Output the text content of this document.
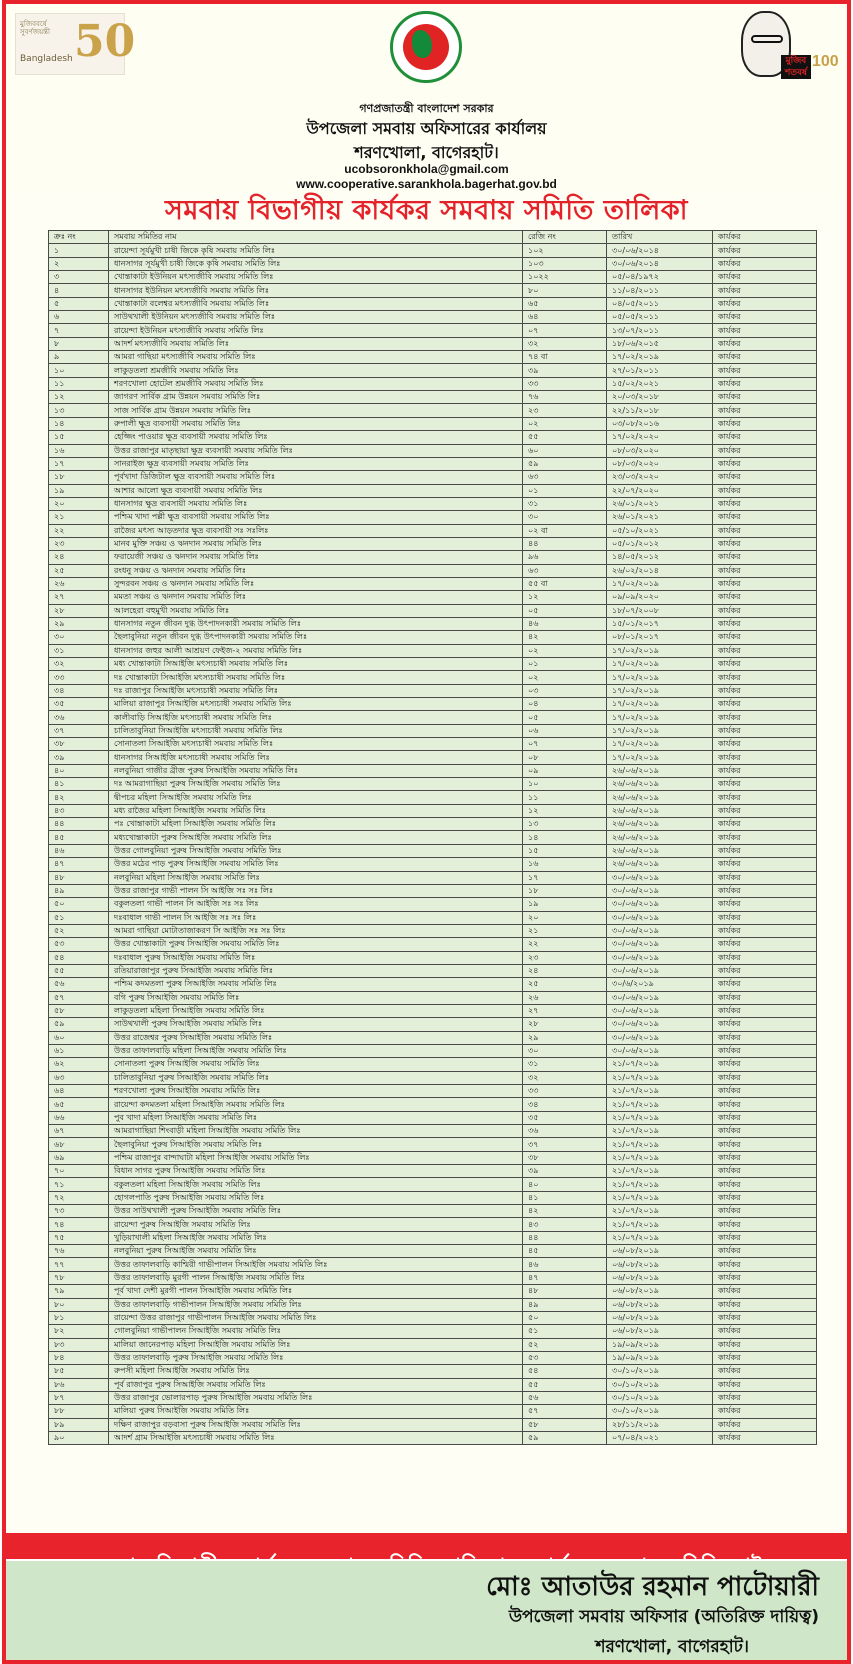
মুজিববর্ষে সুবর্ণজয়ন্তী
Bangladesh 50	মুজিব শতবর্ষ
100
গণপ্রজাতন্ত্রী বাংলাদেশ সরকার
উপজেলা সমবায় অফিসারের কার্যালয়
শরণখোলা, বাগেরহাট।
ucobsoronkhola@gmail.com
www.cooperative.sarankhola.bagerhat.gov.bd
সমবায় বিভাগীয় কার্যকর সমবায় সমিতি তালিকা
ক্রঃ নং	সমবায় সমিতির নাম	রেজি নং	তারিখ	কার্যকর
১	রায়েন্দা সূর্যমুখী চাষী জিকে কৃষি সমবায় সমিতি লিঃ	১০২	৩০/০৬/২০১৪	কার্যকর
২	ধানসাগর সূর্যমুখী চাষী জিকে কৃষি সমবায় সমিতি লিঃ	১০৩	৩০/০৬/২০১৪	কার্যকর
৩	খোন্তাকাটা ইউনিয়ন মৎস্যজীবি সমবায় সমিতি লিঃ	১০২২	০৫/০৪/১৯৭২	কার্যকর
৪	ধানসাগর ইউনিয়ন মৎস্যজীবি সমবায় সমিতি লিঃ	৮০	১১/০৪/২০১১	কার্যকর
৫	খোন্তাকাটা বলেশ্বর মৎস্যজীবি সমবায় সমিতি লিঃ	৬৫	০৪/০৫/২০১১	কার্যকর
৬	সাউথখালী ইউনিয়ন মৎস্যজীবি সমবায় সমিতি লিঃ	৬৪	০৫/০৫/২০১১	কার্যকর
৭	রায়েন্দা ইউনিয়ন মৎস্যজীবি সমবায় সমিতি লিঃ	০৭	১৩/০৭/২০১১	কার্যকর
৮	আদর্শ মৎস্যজীবি সমবায় সমিতি লিঃ	৩২	১৮/০৬/২০১৫	কার্যকর
৯	আমরা গাছিয়া মৎস্যজীবি সমবায় সমিতি লিঃ	৭৪ বা	১৭/০২/২০১৯	কার্যকর
১০	লাকুড়তলা শ্রমজীবি সমবায় সমিতি লিঃ	৩৯	২৭/০১/২০১১	কার্যকর
১১	শরণখোলা হোটেল শ্রমজীবি সমবায় সমিতি লিঃ	৩৩	১৫/০২/২০২১	কার্যকর
১২	জাগরণ সার্বিক গ্রাম উন্নয়ন সমবায় সমিতি লিঃ	৭৬	২০/০৩/২০১৮	কার্যকর
১৩	সাজ সার্বিক গ্রাম উন্নয়ন সমবায় সমিতি লিঃ	২৩	২২/১১/২০১৮	কার্যকর
১৪	রুপালী ক্ষুদ্র ব্যবসায়ী সমবায় সমিতি লিঃ	০২	০৩/০৮/২০১৬	কার্যকর
১৫	হেজ্জিং পাওয়ার ক্ষুদ্র ব্যবসায়ী সমবায় সমিতি লিঃ	৫৫	১৭/০২/২০২০	কার্যকর
১৬	উত্তর রাজাপুর মাতৃছায়া ক্ষুদ্র ব্যবসায়ী সমবায় সমিতি লিঃ	৬০	০৮/০৩/২০২০	কার্যকর
১৭	সানরাইজ ক্ষুদ্র ব্যবসায়ী সমবায় সমিতি লিঃ	৫৯	০৮/০৩/২০২০	কার্যকর
১৮	পূর্বখাদা ডিজিটাল ক্ষুদ্র ব্যবসায়ী সমবায় সমিতি লিঃ	৬৩	২৩/০৩/২০২০	কার্যকর
১৯	আশার আলো ক্ষুদ্র ব্যবসায়ী সমবায় সমিতি লিঃ	০১	২২/০৭/২০২০	কার্যকর
২০	ধানসাগর ক্ষুদ্র ব্যবসায়ী সমবায় সমিতি লিঃ	৩১	২৬/০১/২০২১	কার্যকর
২১	পশ্চিম খাদা পল্লী ক্ষুদ্র ব্যবসায়ী সমবায় সমিতি লিঃ	৩০	২৬/০১/২০২১	কার্যকর
২২	রাজৈর মৎস্য আড়তদার ক্ষুদ্র ব্যবসায়ী সঃ সঃলিঃ	০২ বা	০৫/১০/২০২১	কার্যকর
২৩	মানব মুক্তি সঞ্চয় ও ঋনদান সমবায় সমিতি লিঃ	৪৪	০৫/০১/২০১২	কার্যকর
২৪	ফরায়েজী সঞ্চয় ও ঋনদান সমবায় সমিতি লিঃ	৯৬	১৪/০৫/২০১২	কার্যকর
২৫	রংধনু সঞ্চয় ও ঋনদান সমবায় সমিতি লিঃ	৬৩	২৬/০২/২০১৪	কার্যকর
২৬	সুন্দরবন সঞ্চয় ও ঋনদান সমবায় সমিতি লিঃ	৫৫ বা	১৭/০২/২০১৯	কার্যকর
২৭	মমতা সঞ্চয় ও ঋনদান সমবায় সমিতি লিঃ	১২	০৯/০৯/২০২০	কার্যকর
২৮	আলহেরা বহুমুখী সমবায় সমিতি লিঃ	০৫	১৮/০৭/২০০৮	কার্যকর
২৯	ধানসাগর নতুন জীবন দুগ্ধ উৎপাদনকারী সমবায় সমিতি লিঃ	৪৬	১৫/০১/২০১৭	কার্যকর
৩০	ছৈলাবুনিয়া নতুন জীবন দুগ্ধ উৎপাদনকারী সমবায় সমিতি লিঃ	৪২	০৮/০১/২০১৭	কার্যকর
৩১	ধানসাগর জহুর আলী আশ্রয়ণ ফেইজ-২ সমবায় সমিতি লিঃ	০২	১৭/০২/২০১৯	কার্যকর
৩২	মধ্য খোন্তাকাটা সিআইজি মৎস্যচাষী সমবায় সমিতি লিঃ	০১	১৭/০২/২০১৯	কার্যকর
৩৩	দঃ খোন্তাকাটা সিআইজি মৎস্যচাষী সমবায় সমিতি লিঃ	০২	১৭/০২/২০১৯	কার্যকর
৩৪	দঃ রাজাপুর সিআইজি মৎস্যচাষী সমবায় সমিতি লিঃ	০৩	১৭/০২/২০১৯	কার্যকর
৩৫	মালিয়া রাজাপুর সিআইজি মৎস্যচাষী সমবায় সমিতি লিঃ	০৪	১৭/০২/২০১৯	কার্যকর
৩৬	কালীবাড়ি সিআইজি মৎস্যচাষী সমবায় সমিতি লিঃ	০৫	১৭/০২/২০১৯	কার্যকর
৩৭	চালিতাবুনিয়া সিআইজি মৎস্যচাষী সমবায় সমিতি লিঃ	০৬	১৭/০২/২০১৯	কার্যকর
৩৮	সোনাতলা সিআইজি মৎস্যচাষী সমবায় সমিতি লিঃ	০৭	১৭/০২/২০১৯	কার্যকর
৩৯	ধানসাগর সিআইজি মৎস্যচাষী সমবায় সমিতি লিঃ	০৮	১৭/০২/২০১৯	কার্যকর
৪০	নলবুনিয়া গাজীর ব্রীজ পুরুষ সিআইজি সমবায় সমিতি লিঃ	০৯	২৬/০৬/২০১৯	কার্যকর
৪১	দঃ আমরাগাছিয়া পুরুষ সিআইজি সমবায় সমিতি লিঃ	১০	২৬/০৬/২০১৯	কার্যকর
৪২	দ্বীপচর মহিলা সিআইজি সমবায় সমিতি লিঃ	১১	২৬/০৬/২০১৯	কার্যকর
৪৩	মধ্য রাজৈর মহিলা সিআইজি সমবায় সমিতি লিঃ	১২	২৬/০৬/২০১৯	কার্যকর
৪৪	পঃ খোন্তাকাটা মহিলা সিআইজি সমবায় সমিতি লিঃ	১৩	২৬/০৬/২০১৯	কার্যকর
৪৫	মধ্যখোন্তাকাটা পুরুষ সিআইজি সমবায় সমিতি লিঃ	১৪	২৬/০৬/২০১৯	কার্যকর
৪৬	উত্তর গোলবুনিয়া পুরুষ সিআইজি সমবায় সমিতি লিঃ	১৫	২৬/০৬/২০১৯	কার্যকর
৪৭	উত্তর মঠের পাড় পুরুষ সিআইজি সমবায় সমিতি লিঃ	১৬	২৬/০৬/২০১৯	কার্যকর
৪৮	নলবুনিয়া মহিলা সিআইজি সমবায় সমিতি লিঃ	১৭	৩০/০৬/২০১৯	কার্যকর
৪৯	উত্তর রাজাপুর গাভী পালন সি আইজি সঃ সঃ লিঃ	১৮	৩০/০৬/২০১৯	কার্যকর
৫০	বকুলতলা গাভী পালন সি আইজি সঃ সঃ লিঃ	১৯	৩০/০৬/২০১৯	কার্যকর
৫১	দঃবাধাল গাভী পালন সি আইজি সঃ সঃ লিঃ	২০	৩০/০৬/২০১৯	কার্যকর
৫২	আমরা গাছিয়া মোটাতাজাকরণ সি আইজি সঃ সঃ লিঃ	২১	৩০/০৬/২০১৯	কার্যকর
৫৩	উত্তর খোন্তাকাটা পুরুষ সিআইজি সমবায় সমিতি লিঃ	২২	৩০/০৬/২০১৯	কার্যকর
৫৪	দঃবাধাল পুরুষ সিআইজি সমবায় সমিতি লিঃ	২৩	৩০/০৬/২০১৯	কার্যকর
৫৫	রতিয়ারাজাপুর পুরুষ সিআইজি সমবায় সমিতি লিঃ	২৪	৩০/০৬/২০১৯	কার্যকর
৫৬	পশ্চিম কদমতলা পুরুষ সিআইজি সমবায় সমিতি লিঃ	২৫	৩০/৬/২০১৯	কার্যকর
৫৭	বগি পুরুষ সিআইজি সমবায় সমিতি লিঃ	২৬	৩০/০৬/২০১৯	কার্যকর
৫৮	লাকুড়তলা মহিলা সিআইজি সমবায় সমিতি লিঃ	২৭	৩০/০৬/২০১৯	কার্যকর
৫৯	সাউথখালী পুরুষ সিআইজি সমবায় সমিতি লিঃ	২৮	৩০/০৬/২০১৯	কার্যকর
৬০	উত্তর রাজেশ্বর পুরুষ সিআইজি সমবায় সমিতি লিঃ	২৯	৩০/০৬/২০১৯	কার্যকর
৬১	উত্তর তাফালবাড়ি মহিলা সিআইজি সমবায় সমিতি লিঃ	৩০	৩০/০৬/২০১৯	কার্যকর
৬২	সোনাতলা পুরুষ সিআইজি সমবায় সমিতি লিঃ	৩১	২১/০৭/২০১৯	কার্যকর
৬৩	চালিতাবুনিয়া পুরুষ সিআইজি সমবায় সমিতি লিঃ	৩২	২১/০৭/২০১৯	কার্যকর
৬৪	শরণখোলা পুরুষ সিআইজি সমবায় সমিতি লিঃ	৩৩	২১/০৭/২০১৯	কার্যকর
৬৫	রায়েন্দা কদমতলা মহিলা সিআইজি সমবায় সমিতি লিঃ	৩৪	২১/০৭/২০১৯	কার্যকর
৬৬	পুব খাদা মহিলা সিআইজি সমবায় সমিতি লিঃ	৩৫	২১/০৭/২০১৯	কার্যকর
৬৭	আমরাগাছিয়া শিংবাড়ী মহিলা সিআইজি সমবায় সমিতি লিঃ	৩৬	২১/০৭/২০১৯	কার্যকর
৬৮	ছৈলাবুনিয়া পুরুষ সিআইজি সমবায় সমিতি লিঃ	৩৭	২১/০৭/২০১৯	কার্যকর
৬৯	পশ্চিম রাজাপুর বান্দাঘাটা মহিলা সিআইজি সমবায় সমিতি লিঃ	৩৮	২১/০৭/২০১৯	কার্যকর
৭০	বিধান সাগর পুরুষ সিআইজি সমবায় সমিতি লিঃ	৩৯	২১/০৭/২০১৯	কার্যকর
৭১	বকুলতলা মহিলা সিআইজি সমবায় সমিতি লিঃ	৪০	২১/০৭/২০১৯	কার্যকর
৭২	হোগলপাতি পুরুষ সিআইজি সমবায় সমিতি লিঃ	৪১	২১/০৭/২০১৯	কার্যকর
৭৩	উত্তর সাউথখালী পুরুষ সিআইজি সমবায় সমিতি লিঃ	৪২	২১/০৭/২০১৯	কার্যকর
৭৪	রায়েন্দা পুরুষ সিআইজি সমবায় সমিতি লিঃ	৪৩	২১/০৭/২০১৯	কার্যকর
৭৫	খুড়িয়াখালী মহিলা সিআইজি সমবায় সমিতি লিঃ	৪৪	২১/০৭/২০১৯	কার্যকর
৭৬	নলবুনিয়া পুরুষ সিআইজি সমবায় সমিতি লিঃ	৪৫	০৬/০৮/২০১৯	কার্যকর
৭৭	উত্তর তাফালবাড়ি কাশ্মিরী গাভীপালন সিআইজি সমবায় সমিতি লিঃ	৪৬	০৬/০৮/২০১৯	কার্যকর
৭৮	উত্তর তাফালবাড়ি মুরগী পালন সিআইজি সমবায় সমিতি লিঃ	৪৭	০৬/০৮/২০১৯	কার্যকর
৭৯	পূর্ব খাদা দেশী মুরগী পালন সিআইজি সমবায় সমিতি লিঃ	৪৮	০৬/০৮/২০১৯	কার্যকর
৮০	উত্তর তাফালবাড়ি গাভীপালন সিআইজি সমবায় সমিতি লিঃ	৪৯	০৬/০৮/২০১৯	কার্যকর
৮১	রায়েন্দা উত্তর রাজাপুর গাভীপালন সিআইজি সমবায় সমিতি লিঃ	৫০	০৬/০৮/২০১৯	কার্যকর
৮২	গোলবুনিয়া গাভীপালন সিআইজি সমবায় সমিতি লিঃ	৫১	০৬/০৮/২০১৯	কার্যকর
৮৩	মালিয়া জানেরপাড় মহিলা সিআইজি সমবায় সমিতি লিঃ	৫২	১৯/০৯/২০১৯	কার্যকর
৮৪	উত্তর তাফালবাড়ি পুরুষ সিআইজি সমবায় সমিতি লিঃ	৫৩	১৯/০৯/২০১৯	কার্যকর
৮৫	রুপসী মহিলা সিআইজি সমবায় সমিতি লিঃ	৫৪	৩০/১০/২০১৯	কার্যকর
৮৬	পূর্ব রাজাপুর পুরুষ সিআইজি সমবায় সমিতি লিঃ	৫৫	৩০/১০/২০১৯	কার্যকর
৮৭	উত্তর রাজাপুর ভোলারপাড় পুরুষ সিআইজি সমবায় সমিতি লিঃ	৫৬	৩০/১০/২০১৯	কার্যকর
৮৮	মালিয়া পুরুষ সিআইজি সমবায় সমিতি লিঃ	৫৭	৩০/১০/২০১৯	কার্যকর
৮৯	দক্ষিণ রাজাপুর বড়বাসা পুরুষ সিআইজি সমবায় সমিতি লিঃ	৫৮	২৮/১১/২০১৯	কার্যকর
৯০	আদর্শ গ্রাম সিআইজি মৎস্যচাষী সমবায় সমিতি লিঃ	৫৯	০৭/০৪/২০২১	কার্যকর
মোঃ আতাউর রহমান পাটোয়ারী
উপজেলা সমবায় অফিসার (অতিরিক্ত দায়িত্ব)
শরণখোলা, বাগেরহাট।
